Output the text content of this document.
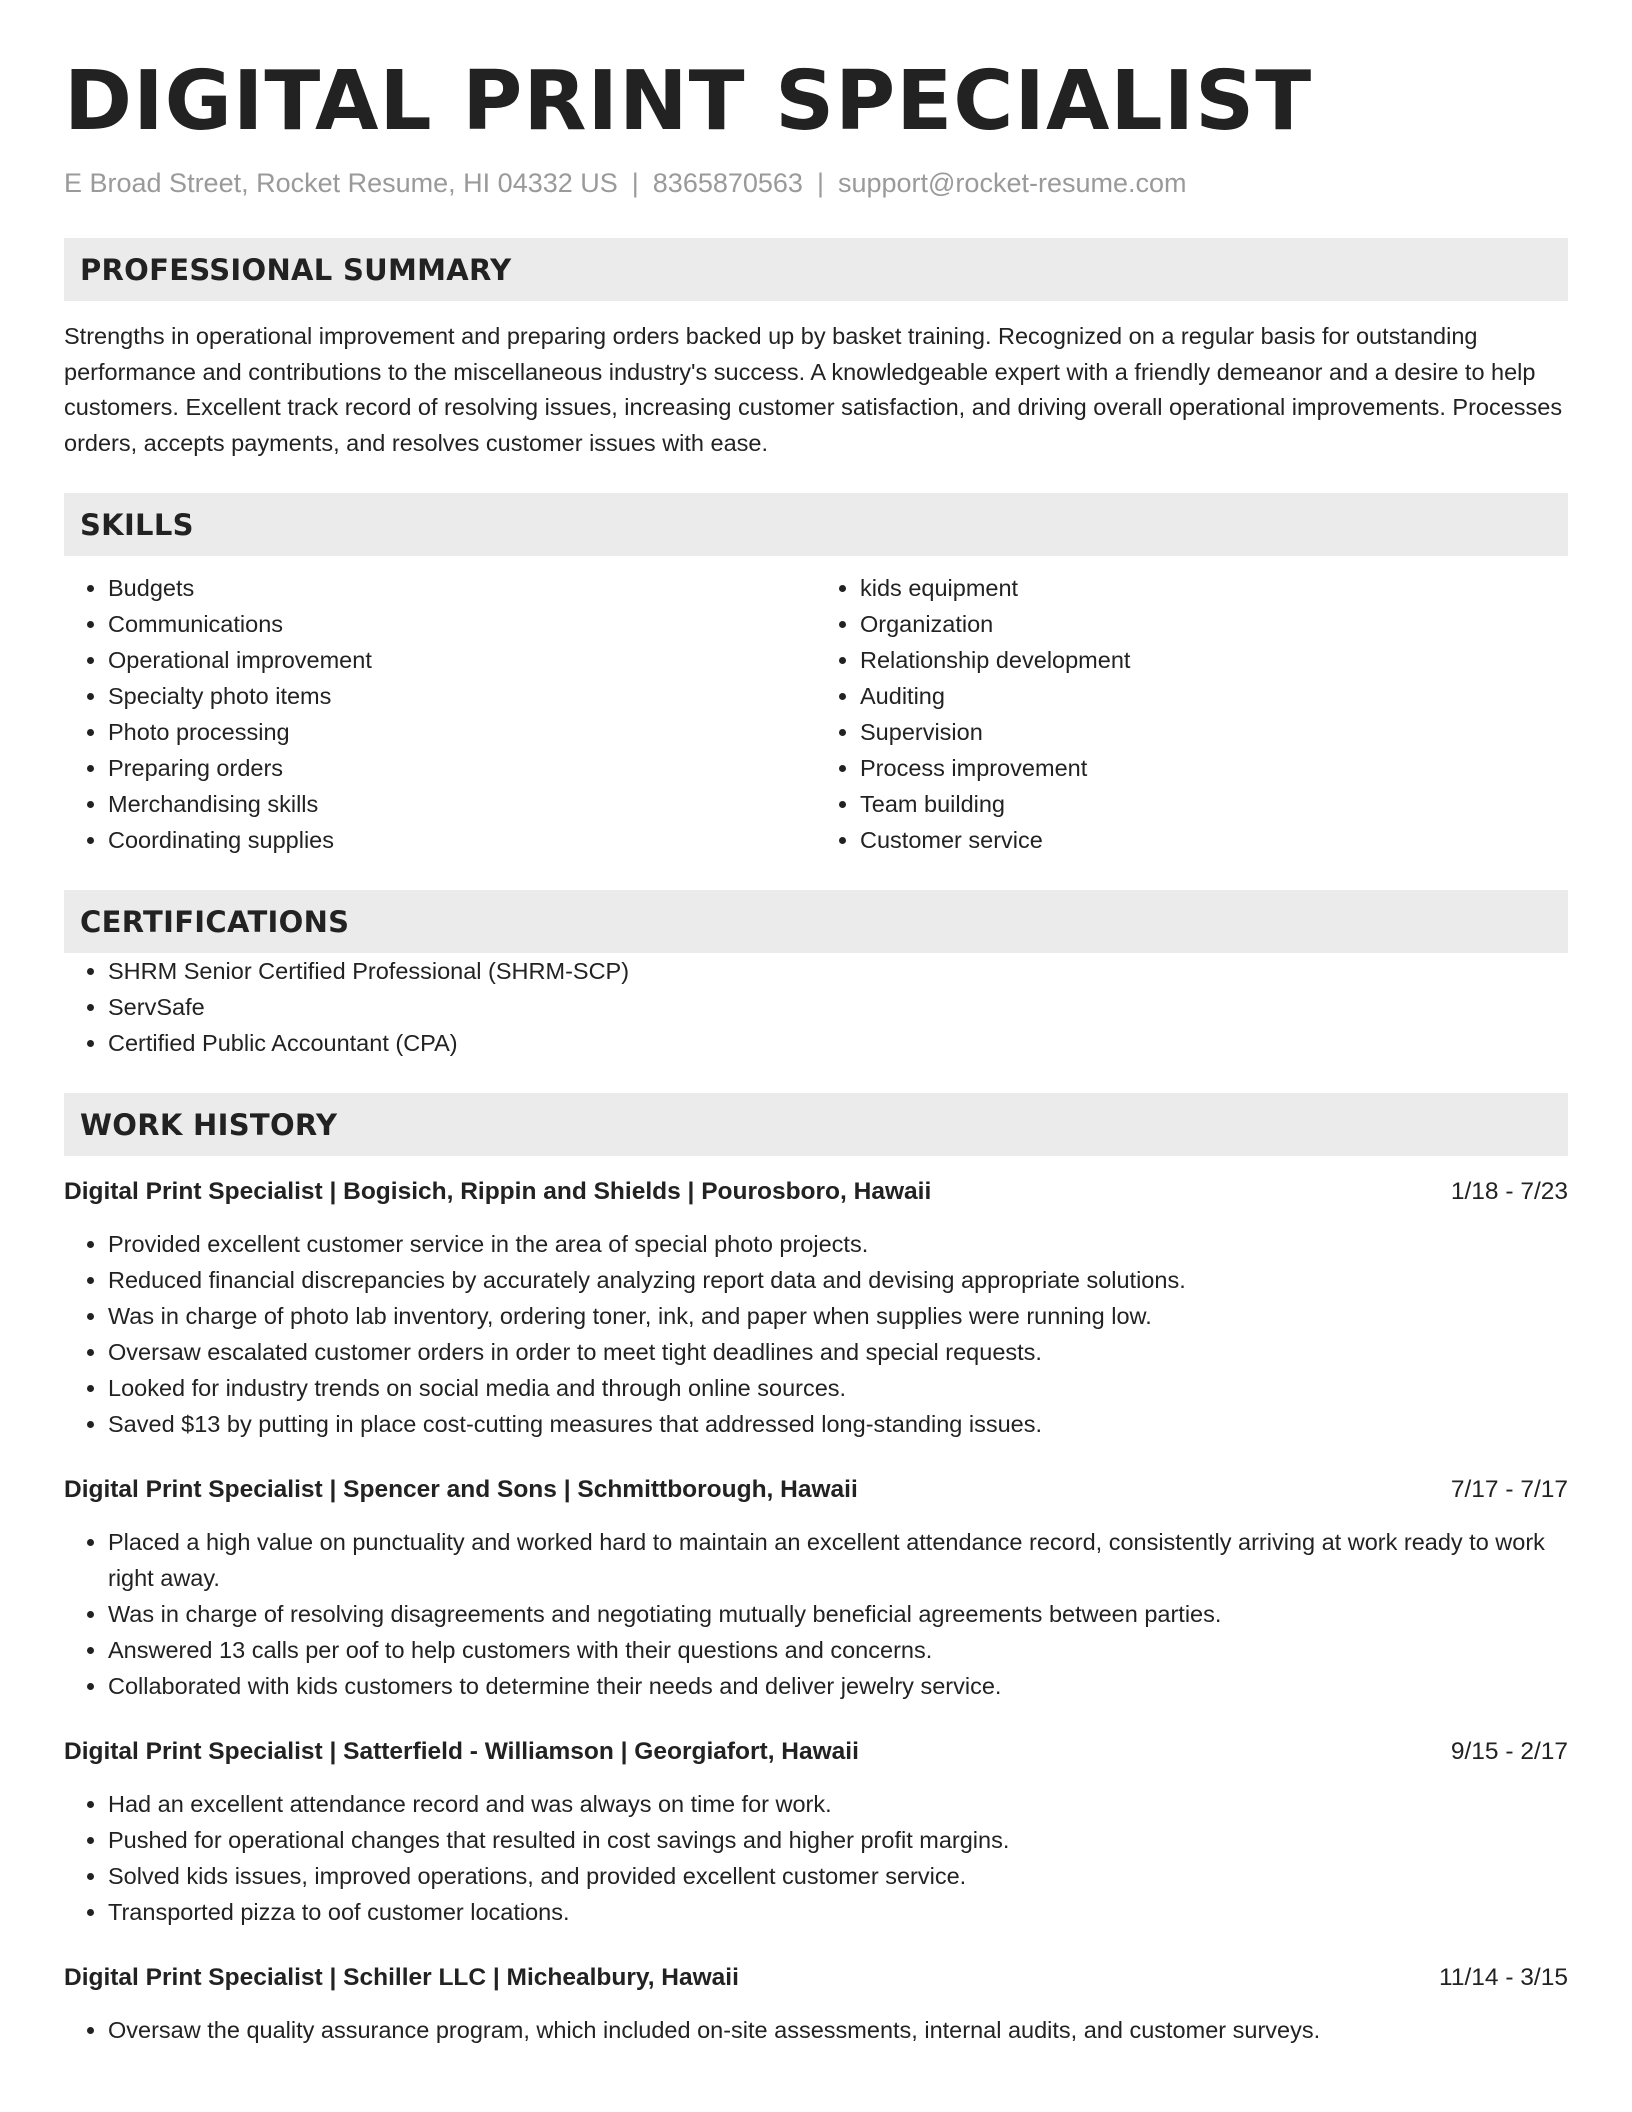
DIGITAL PRINT SPECIALIST
E Broad Street, Rocket Resume, HI 04332 US | 8365870563 | support@rocket-resume.com
PROFESSIONAL SUMMARY

Strengths in operational improvement and preparing orders backed up by basket training. Recognized on a regular basis for outstanding performance and contributions to the miscellaneous industry's success. A knowledgeable expert with a friendly demeanor and a desire to help customers. Excellent track record of resolving issues, increasing customer satisfaction, and driving overall operational improvements. Processes orders, accepts payments, and resolves customer issues with ease.

SKILLS
• Budgets
• Communications
• Operational improvement
• Specialty photo items
• Photo processing
• Preparing orders
• Merchandising skills
• Coordinating supplies
• kids equipment
• Organization
• Relationship development
• Auditing
• Supervision
• Process improvement
• Team building
• Customer service
CERTIFICATIONS
• SHRM Senior Certified Professional (SHRM-SCP)
• ServSafe
• Certified Public Accountant (CPA)
WORK HISTORY
Digital Print Specialist | Bogisich, Rippin and Shields | Pourosboro, Hawaii	1/18 - 7/23
• Provided excellent customer service in the area of special photo projects.
• Reduced financial discrepancies by accurately analyzing report data and devising appropriate solutions.
• Was in charge of photo lab inventory, ordering toner, ink, and paper when supplies were running low.
• Oversaw escalated customer orders in order to meet tight deadlines and special requests.
• Looked for industry trends on social media and through online sources.
• Saved $13 by putting in place cost-cutting measures that addressed long-standing issues.
Digital Print Specialist | Spencer and Sons | Schmittborough, Hawaii	7/17 - 7/17
• Placed a high value on punctuality and worked hard to maintain an excellent attendance record, consistently arriving at work ready to work right away.
• Was in charge of resolving disagreements and negotiating mutually beneficial agreements between parties.
• Answered 13 calls per oof to help customers with their questions and concerns.
• Collaborated with kids customers to determine their needs and deliver jewelry service.
Digital Print Specialist | Satterfield - Williamson | Georgiafort, Hawaii	9/15 - 2/17
• Had an excellent attendance record and was always on time for work.
• Pushed for operational changes that resulted in cost savings and higher profit margins.
• Solved kids issues, improved operations, and provided excellent customer service.
• Transported pizza to oof customer locations.
Digital Print Specialist | Schiller LLC | Michealbury, Hawaii	11/14 - 3/15
• Oversaw the quality assurance program, which included on-site assessments, internal audits, and customer surveys.
